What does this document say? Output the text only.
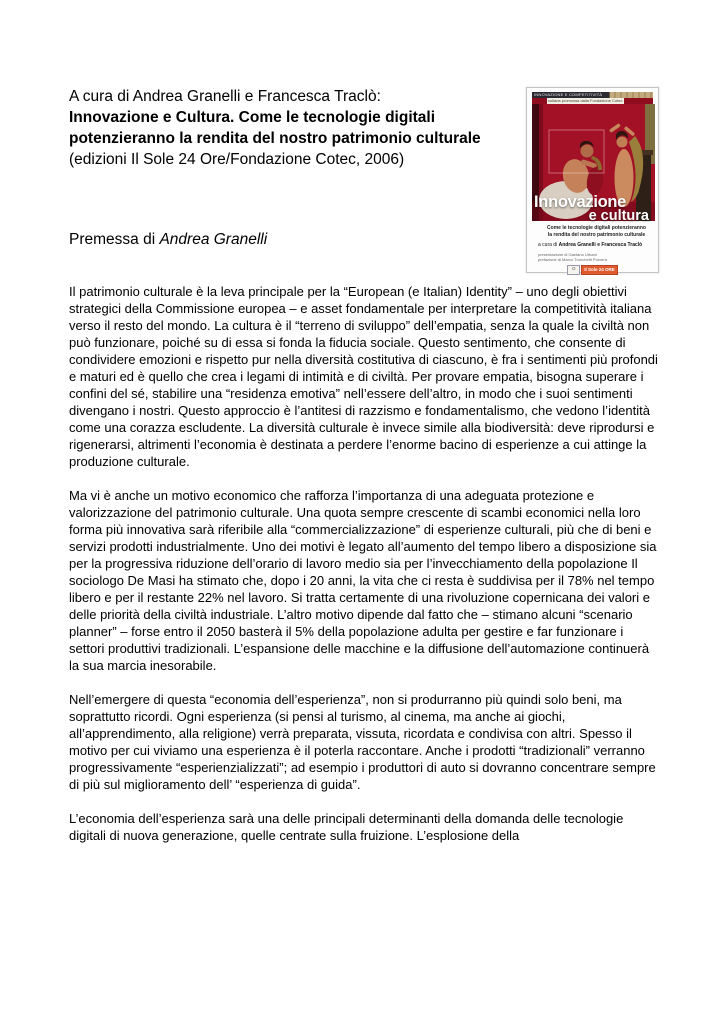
A cura di Andrea Granelli e Francesca Traclò:
Innovazione e Cultura. Come le tecnologie digitali potenzieranno la rendita del nostro patrimonio culturale (edizioni Il Sole 24 Ore/Fondazione Cotec, 2006)
Premessa di Andrea Granelli

Il patrimonio culturale è la leva principale per la “European (e Italian) Identity” – uno degli obiettivi strategici della Commissione europea – e asset fondamentale per interpretare la competitività italiana verso il resto del mondo. La cultura è il “terreno di sviluppo” dell’empatia, senza la quale la civiltà non può funzionare, poiché su di essa si fonda la fiducia sociale. Questo sentimento, che consente di condividere emozioni e rispetto pur nella diversità costitutiva di ciascuno, è fra i sentimenti più profondi e maturi ed è quello che crea i legami di intimità e di civiltà. Per provare empatia, bisogna superare i confini del sé, stabilire una “residenza emotiva” nell’essere dell’altro, in modo che i suoi sentimenti divengano i nostri. Questo approccio è l’antitesi di razzismo e fondamentalismo, che vedono l’identità come una corazza escludente. La diversità culturale è invece simile alla biodiversità: deve riprodursi e rigenerarsi, altrimenti l’economia è destinata a perdere l’enorme bacino di esperienze a cui attinge la produzione culturale.

Ma vi è anche un motivo economico che rafforza l’importanza di una adeguata protezione e valorizzazione del patrimonio culturale. Una quota sempre crescente di scambi economici nella loro forma più innovativa sarà riferibile alla “commercializzazione” di esperienze culturali, più che di beni e servizi prodotti industrialmente. Uno dei motivi è legato all’aumento del tempo libero a disposizione sia per la progressiva riduzione dell’orario di lavoro medio sia per l’invecchiamento della popolazione Il sociologo De Masi ha stimato che, dopo i 20 anni, la vita che ci resta è suddivisa per il 78% nel tempo libero e per il restante 22% nel lavoro. Si tratta certamente di una rivoluzione copernicana dei valori e delle priorità della civiltà industriale. L’altro motivo dipende dal fatto che – stimano alcuni “scenario planner” – forse entro il 2050 basterà il 5% della popolazione adulta per gestire e far funzionare i settori produttivi tradizionali. L’espansione delle macchine e la diffusione dell’automazione continuerà la sua marcia inesorabile.

Nell’emergere di questa “economia dell’esperienza”, non si produrranno più quindi solo beni, ma soprattutto ricordi. Ogni esperienza (si pensi al turismo, al cinema, ma anche ai giochi, all’apprendimento, alla religione) verrà preparata, vissuta, ricordata e condivisa con altri. Spesso il motivo per cui viviamo una esperienza è il poterla raccontare. Anche i prodotti “tradizionali” verranno progressivamente “esperienzializzati”; ad esempio i produttori di auto si dovranno concentrare sempre di più sul miglioramento dell’ “esperienza di guida”.

L’economia dell’esperienza sarà una delle principali determinanti della domanda delle tecnologie digitali di nuova generazione, quelle centrate sulla fruizione. L’esplosione della

INNOVAZIONE E COMPETITIVITÀ
collana promossa dalla Fondazione Cotec
Innovazione
e cultura
Come le tecnologie digitali potenzieranno
la rendita del nostro patrimonio culturale
a cura di Andrea Granelli e Francesca Traclò
presentazione di Gaetano Urbani
prefazione di Marco Tronchetti Provera
☼	Il Sole 24 ORE
